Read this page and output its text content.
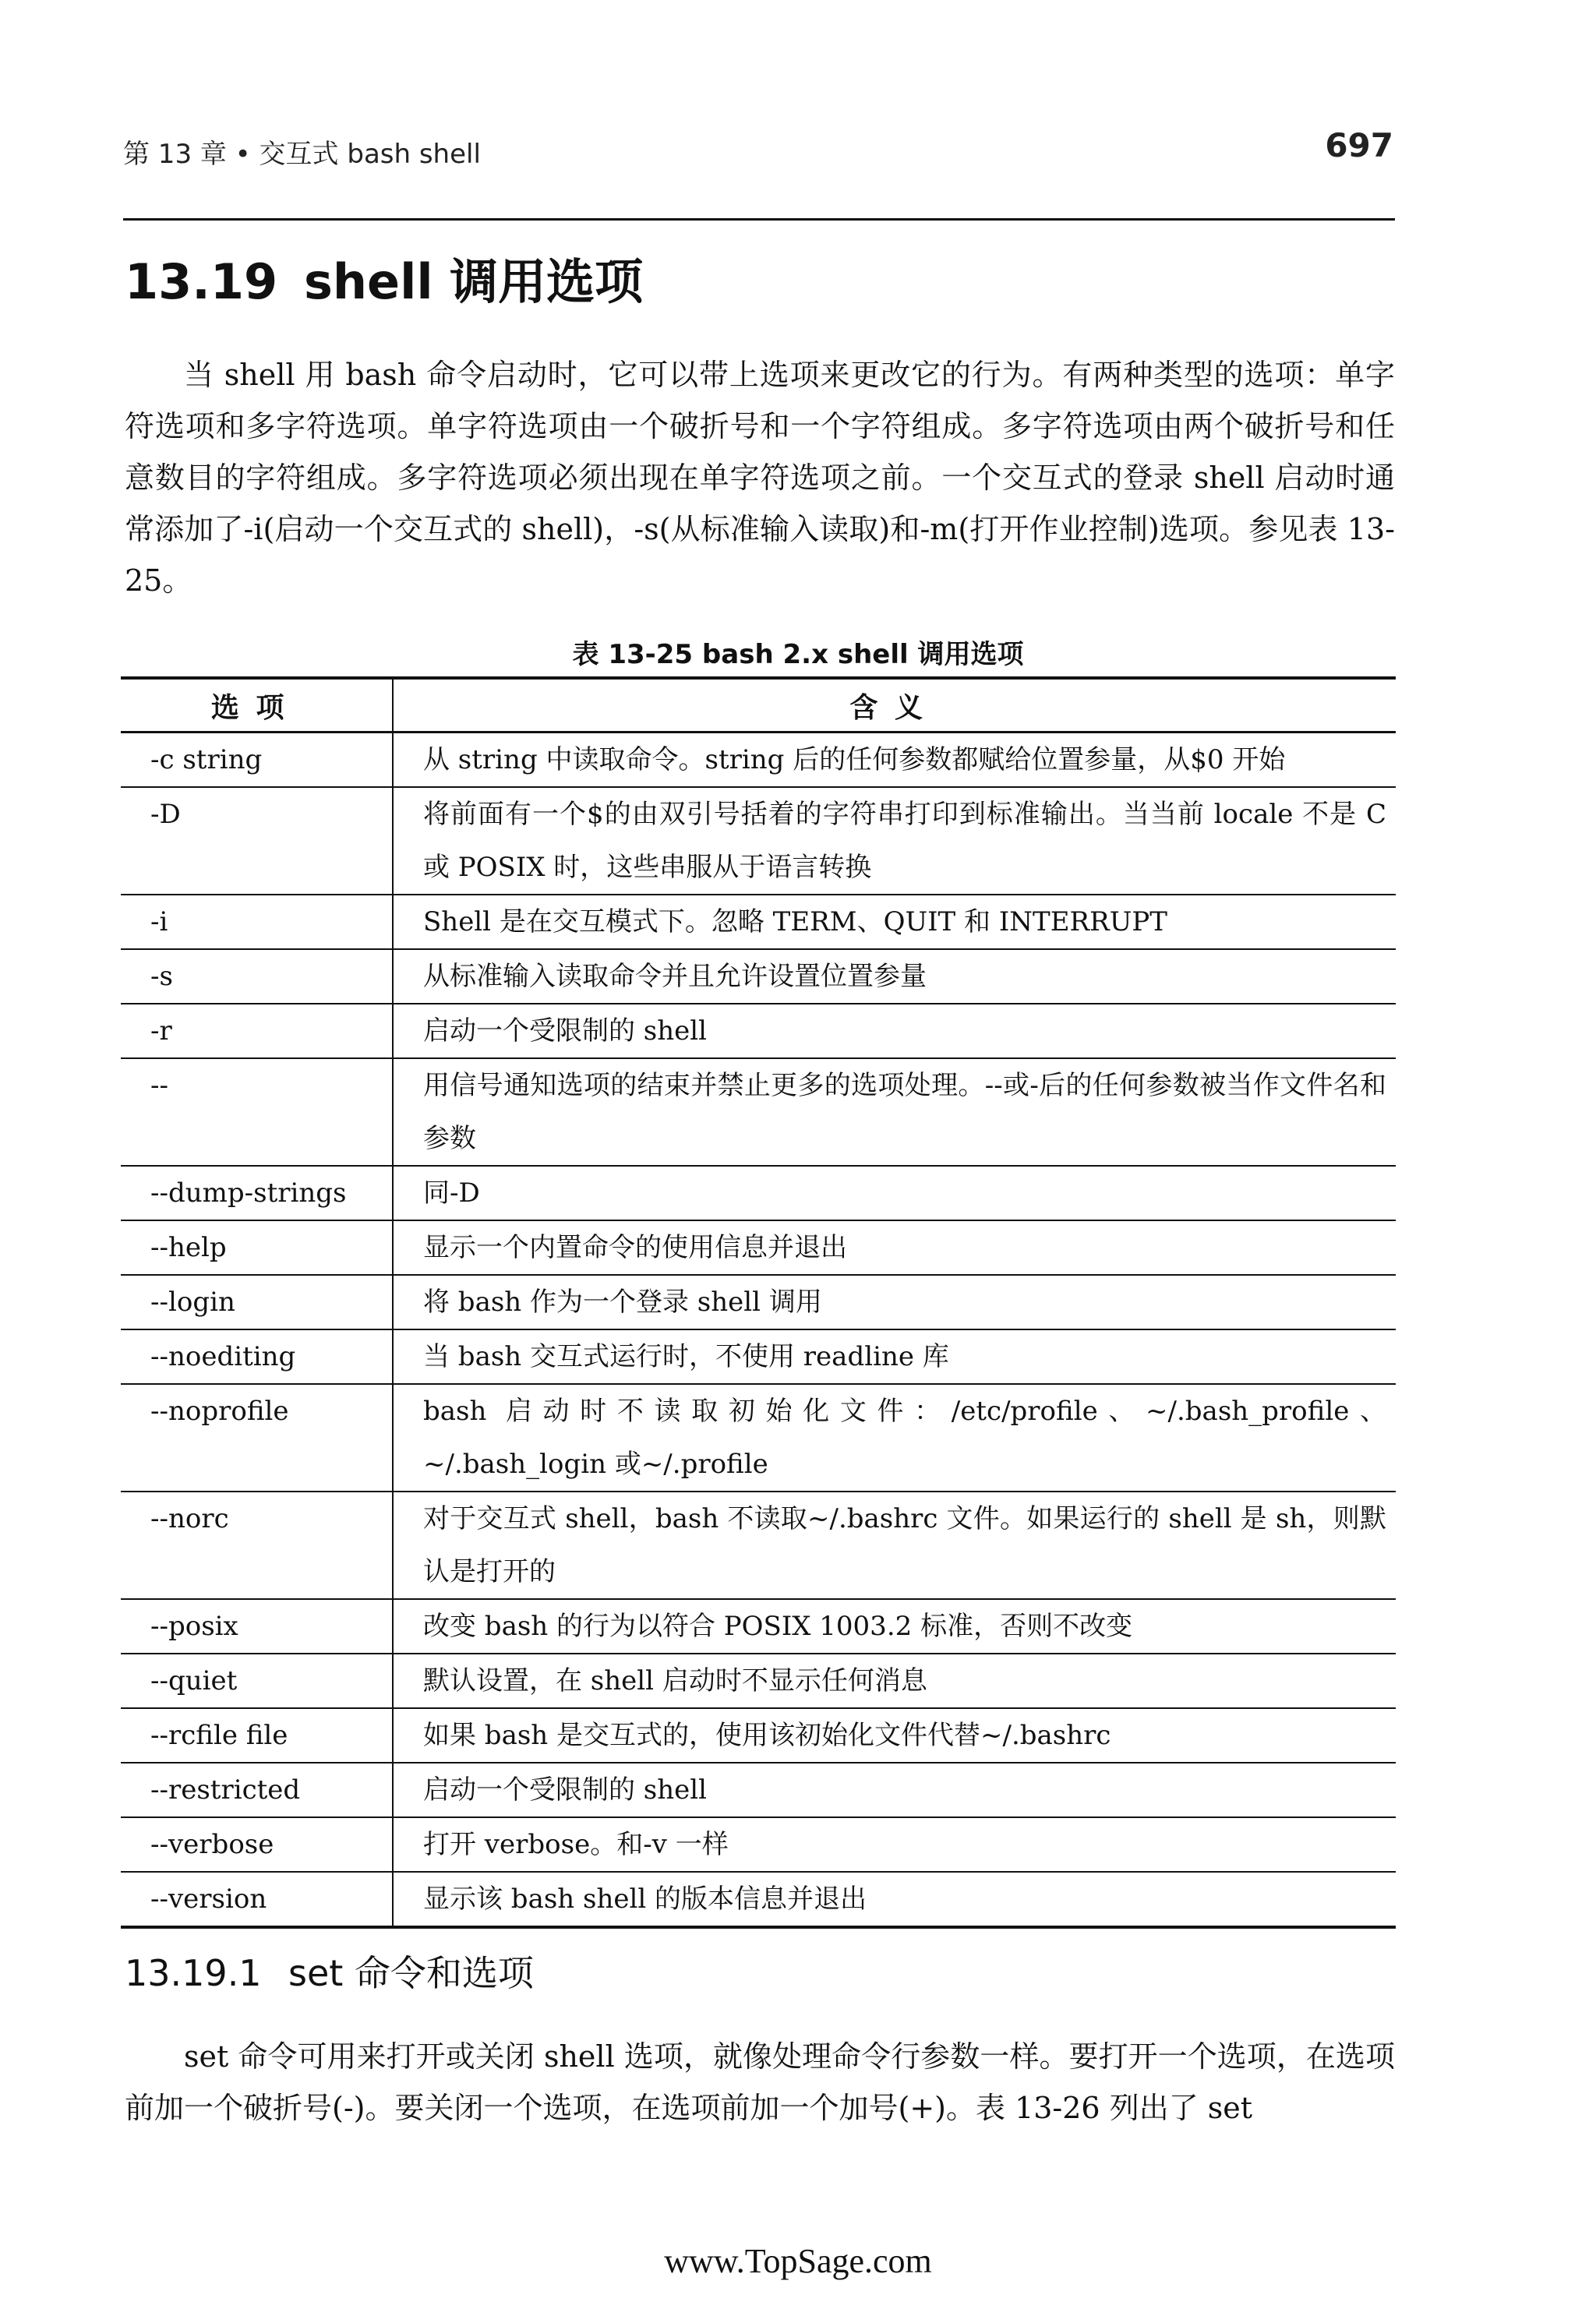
第 13 章 • 交互式 bash shell	697
13.19 shell 调用选项

当 shell 用 bash 命令启动时，它可以带上选项来更改它的行为。有两种类型的选项：单字符选项和多字符选项。单字符选项由一个破折号和一个字符组成。多字符选项由两个破折号和任意数目的字符组成。多字符选项必须出现在单字符选项之前。一个交互式的登录 shell 启动时通常添加了-i(启动一个交互式的 shell)，-s(从标准输入读取)和-m(打开作业控制)选项。参见表 13-25。

表 13-25 bash 2.x shell 调用选项
选项	含义
-c string	从 string 中读取命令。string 后的任何参数都赋给位置参量，从$0 开始
-D	将前面有一个$的由双引号括着的字符串打印到标准输出。当当前 locale 不是 C 或 POSIX 时，这些串服从于语言转换
-i	Shell 是在交互模式下。忽略 TERM、QUIT 和 INTERRUPT
-s	从标准输入读取命令并且允许设置位置参量
-r	启动一个受限制的 shell
--	用信号通知选项的结束并禁止更多的选项处理。--或-后的任何参数被当作文件名和参数
--dump-strings	同-D
--help	显示一个内置命令的使用信息并退出
--login	将 bash 作为一个登录 shell 调用
--noediting	当 bash 交互式运行时，不使用 readline 库
--noprofile	bash 启动时不读取初始化文件：/etc/profile、~/.bash_profile、~/.bash_login 或~/.profile
--norc	对于交互式 shell，bash 不读取~/.bashrc 文件。如果运行的 shell 是 sh，则默认是打开的
--posix	改变 bash 的行为以符合 POSIX 1003.2 标准，否则不改变
--quiet	默认设置，在 shell 启动时不显示任何消息
--rcfile file	如果 bash 是交互式的，使用该初始化文件代替~/.bashrc
--restricted	启动一个受限制的 shell
--verbose	打开 verbose。和-v 一样
--version	显示该 bash shell 的版本信息并退出
13.19.1 set 命令和选项

set 命令可用来打开或关闭 shell 选项，就像处理命令行参数一样。要打开一个选项，在选项前加一个破折号(-)。要关闭一个选项，在选项前加一个加号(+)。表 13-26 列出了 set

www.TopSage.com
